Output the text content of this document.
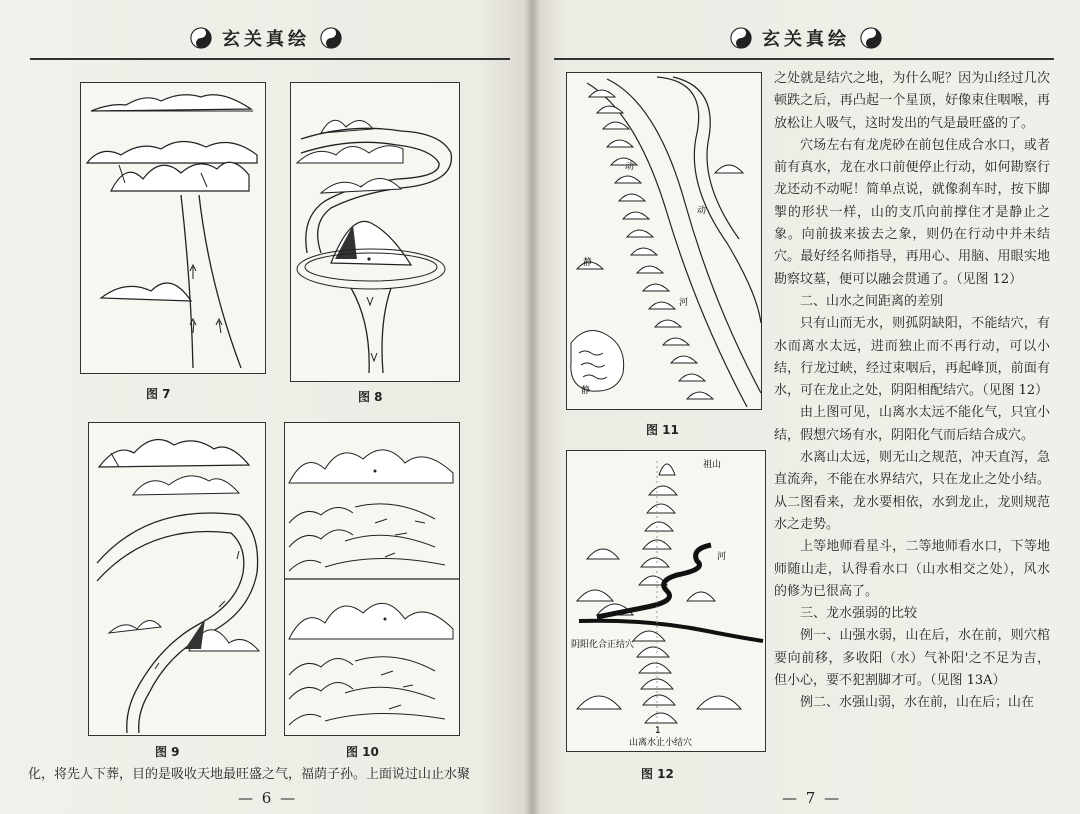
玄关真绘
图 7	图 8
图 9	图 10
化，将先人下葬，目的是吸收天地最旺盛之气，福荫子孙。上面说过山止水聚
— 6 —
玄关真绘
动
动
静
静
河
图 11
祖山
河
阴阳化合正结穴
1
山离水止小结穴
图 12

之处就是结穴之地，为什么呢？因为山经过几次顿跌之后，再凸起一个星顶，好像束住咽喉，再放松让人吸气，这时发出的气是最旺盛的了。

穴场左右有龙虎砂在前包住成合水口，或者前有真水，龙在水口前便停止行动，如何勘察行龙还动不动呢！简单点说，就像刹车时，按下脚掣的形状一样，山的支爪向前撑住才是静止之象。向前拔来拔去之象，则仍在行动中并未结穴。最好经名师指导，再用心、用脑、用眼实地勘察坟墓，便可以融会贯通了。（见图 12）

二、山水之间距离的差别

只有山而无水，则孤阴缺阳，不能结穴，有水而离水太远，进而独止而不再行动，可以小结，行龙过峡，经过束咽后，再起峰顶，前面有水，可在龙止之处，阴阳相配结穴。（见图 12）

由上图可见，山离水太远不能化气，只宜小结，假想穴场有水，阴阳化气而后结合成穴。

水离山太远，则无山之规范，冲天直泻，急直流奔，不能在水界结穴，只在龙止之处小结。从二图看来，龙水要相依，水到龙止，龙则规范水之走势。

上等地师看星斗，二等地师看水口，下等地师随山走，认得看水口（山水相交之处），风水的修为已很高了。

三、龙水强弱的比较

例一、山强水弱，山在后，水在前，则穴棺要向前移，多收阳（水）气补阳'之不足为吉，但小心，要不犯割脚才可。（见图 13A）

例二、水强山弱，水在前，山在后；山在

— 7 —
